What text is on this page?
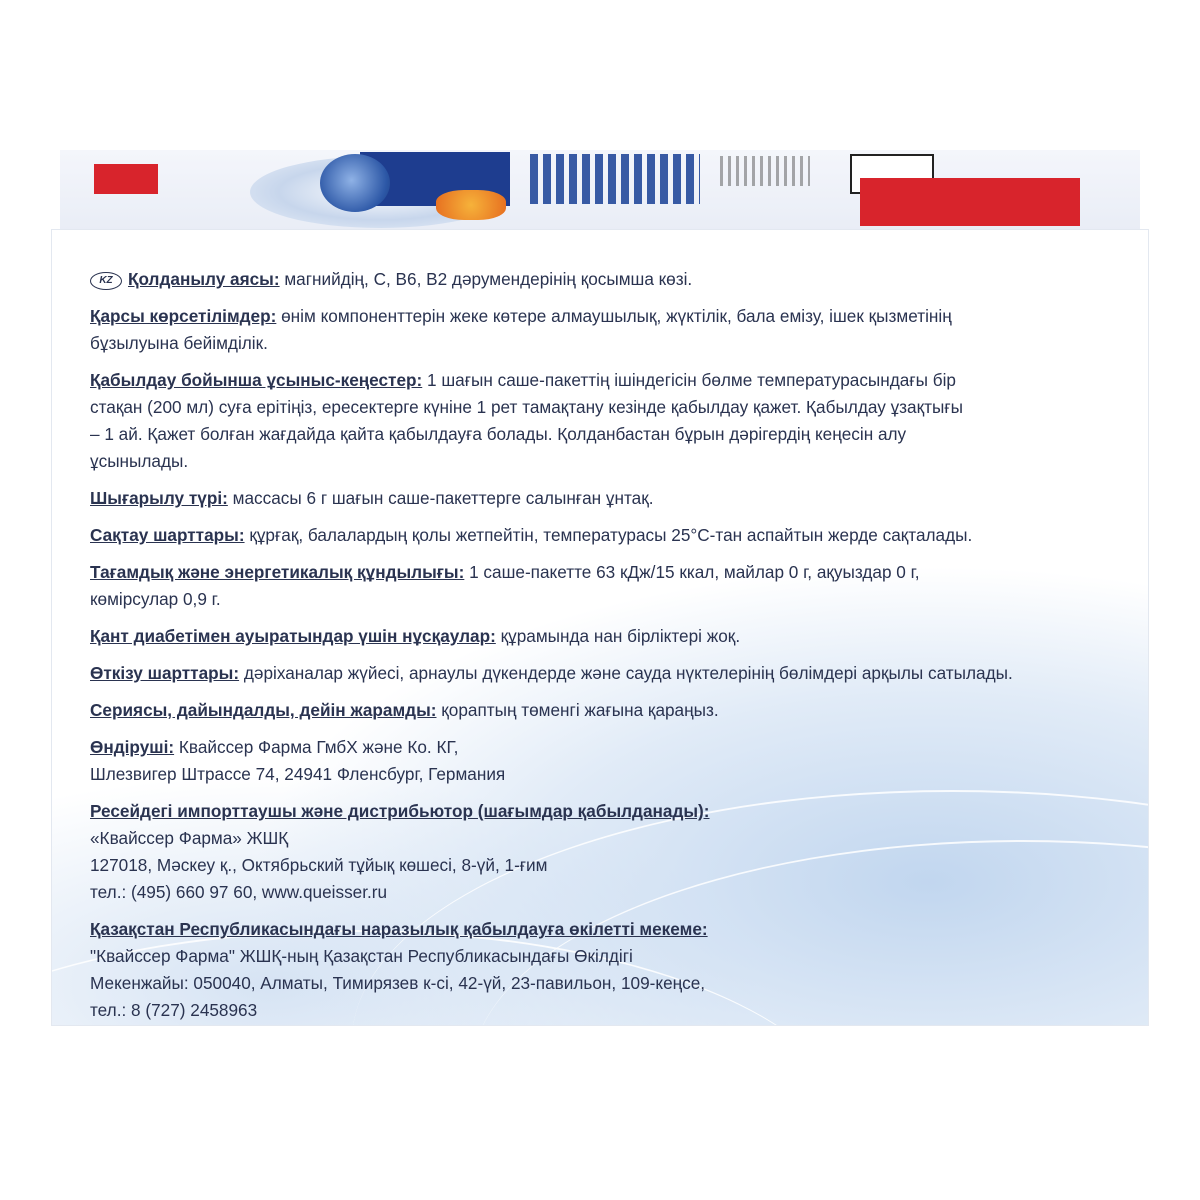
KZ Қолданылу аясы: магнийдің, С, В6, В2 дәрумендерінің қосымша көзі.
Қарсы көрсетілімдер: өнім компоненттерін жеке көтере алмаушылық, жүктілік, бала емізу, ішек қызметінің
бұзылуына бейімділік.
Қабылдау бойынша ұсыныс-кеңестер: 1 шағын саше-пакеттің ішіндегісін бөлме температурасындағы бір
стақан (200 мл) суға ерітіңіз, ересектерге күніне 1 рет тамақтану кезінде қабылдау қажет. Қабылдау ұзақтығы
– 1 ай. Қажет болған жағдайда қайта қабылдауға болады. Қолданбастан бұрын дәрігердің кеңесін алу
ұсынылады.
Шығарылу түрі: массасы 6 г шағын саше-пакеттерге салынған ұнтақ.
Сақтау шарттары: құрғақ, балалардың қолы жетпейтін, температурасы 25°С-тан аспайтын жерде сақталады.
Тағамдық және энергетикалық құндылығы: 1 саше-пакетте 63 кДж/15 ккал, майлар 0 г, ақуыздар 0 г,
көмірсулар 0,9 г.
Қант диабетімен ауыратындар үшін нұсқаулар: құрамында нан бірліктері жоқ.
Өткізу шарттары: дәріханалар жүйесі, арнаулы дүкендерде және сауда нүктелерінің бөлімдері арқылы сатылады.
Сериясы, дайындалды, дейін жарамды: қораптың төменгі жағына қараңыз.
Өндіруші: Квайссер Фарма ГмбХ және Ко. КГ,
Шлезвигер Штрассе 74, 24941 Фленсбург, Германия
Ресейдегі импорттаушы және дистрибьютор (шағымдар қабылданады):
«Квайссер Фарма» ЖШҚ
127018, Мәскеу қ., Октябрьский тұйық көшесі, 8-үй, 1-ғим
тел.: (495) 660 97 60, www.queisser.ru
Қазақстан Республикасындағы наразылық қабылдауға өкілетті мекеме:
"Квайссер Фарма" ЖШҚ-ның Қазақстан Республикасындағы Өкілдігі
Мекенжайы: 050040, Алматы, Тимирязев к-сі, 42-үй, 23-павильон, 109-кеңсе,
тел.: 8 (727) 2458963
